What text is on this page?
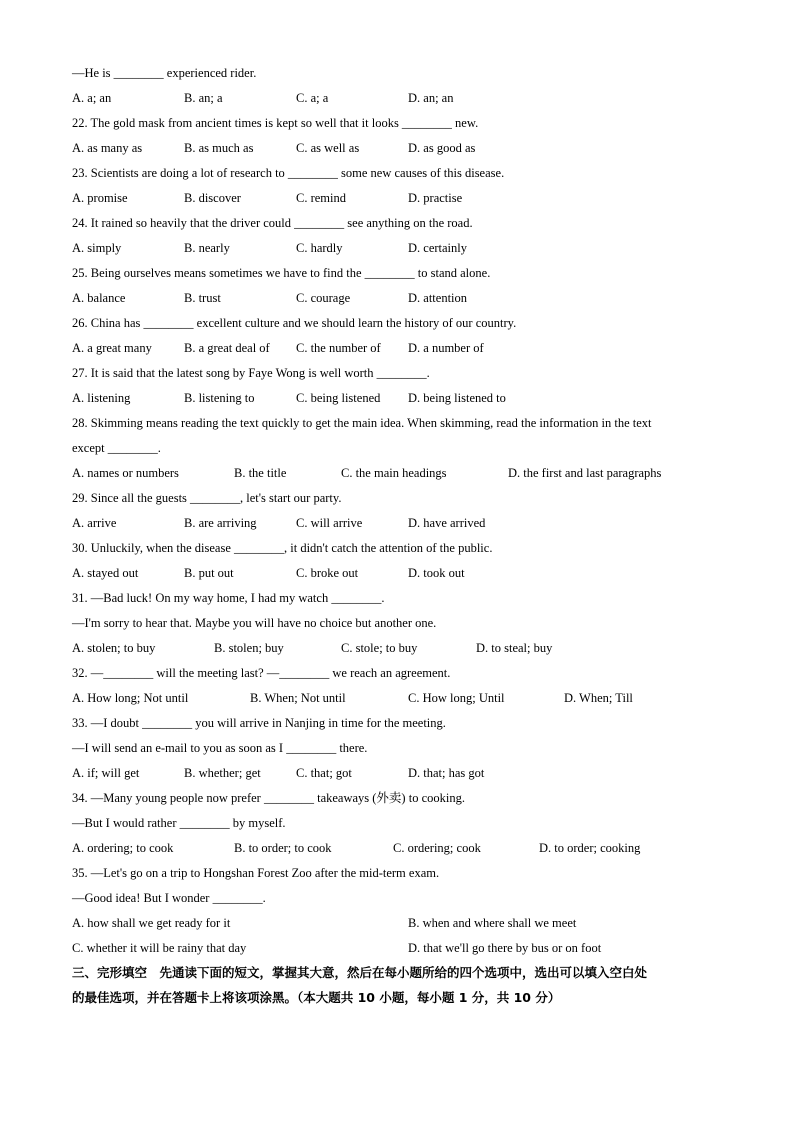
—He is ________ experienced rider.
A. a; an	B. an; a	C. a; a	D. an; an
22. The gold mask from ancient times is kept so well that it looks ________ new.
A. as many as	B. as much as	C. as well as	D. as good as
23. Scientists are doing a lot of research to ________ some new causes of this disease.
A. promise	B. discover	C. remind	D. practise
24. It rained so heavily that the driver could ________ see anything on the road.
A. simply	B. nearly	C. hardly	D. certainly
25. Being ourselves means sometimes we have to find the ________ to stand alone.
A. balance	B. trust	C. courage	D. attention
26. China has ________ excellent culture and we should learn the history of our country.
A. a great many	B. a great deal of C. the number of D. a number of
27. It is said that the latest song by Faye Wong is well worth ________.
A. listening	B. listening to	C. being listened D. being listened to
28. Skimming means reading the text quickly to get the main idea. When skimming, read the information in the text
except ________.
A. names or numbers	B. the title	C. the main headings	D. the first and last paragraphs
29. Since all the guests ________, let's start our party.
A. arrive	B. are arriving	C. will arrive	D. have arrived
30. Unluckily, when the disease ________, it didn't catch the attention of the public.
A. stayed out	B. put out	C. broke out	D. took out
31. —Bad luck! On my way home, I had my watch ________.
—I'm sorry to hear that. Maybe you will have no choice but another one.
A. stolen; to buy	B. stolen; buy	C. stole; to buy	D. to steal; buy
32. —________ will the meeting last? —________ we reach an agreement.
A. How long; Not until	B. When; Not until	C. How long; Until	D. When; Till
33. —I doubt ________ you will arrive in Nanjing in time for the meeting.
—I will send an e-mail to you as soon as I ________ there.
A. if; will get	B. whether; get	C. that; got	D. that; has got
34. —Many young people now prefer ________ takeaways (外卖) to cooking.
—But I would rather ________ by myself.
A. ordering; to cook	B. to order; to cook	C. ordering; cook	D. to order; cooking
35. —Let's go on a trip to Hongshan Forest Zoo after the mid-term exam.
—Good idea! But I wonder ________.
A. how shall we get ready for it	B. when and where shall we meet
C. whether it will be rainy that day	D. that we'll go there by bus or on foot
三、完形填空　先通读下面的短文，掌握其大意，然后在每小题所给的四个选项中，选出可以填入空白处
的最佳选项，并在答题卡上将该项涂黑。（本大题共 10 小题，每小题 1 分，共 10 分）
